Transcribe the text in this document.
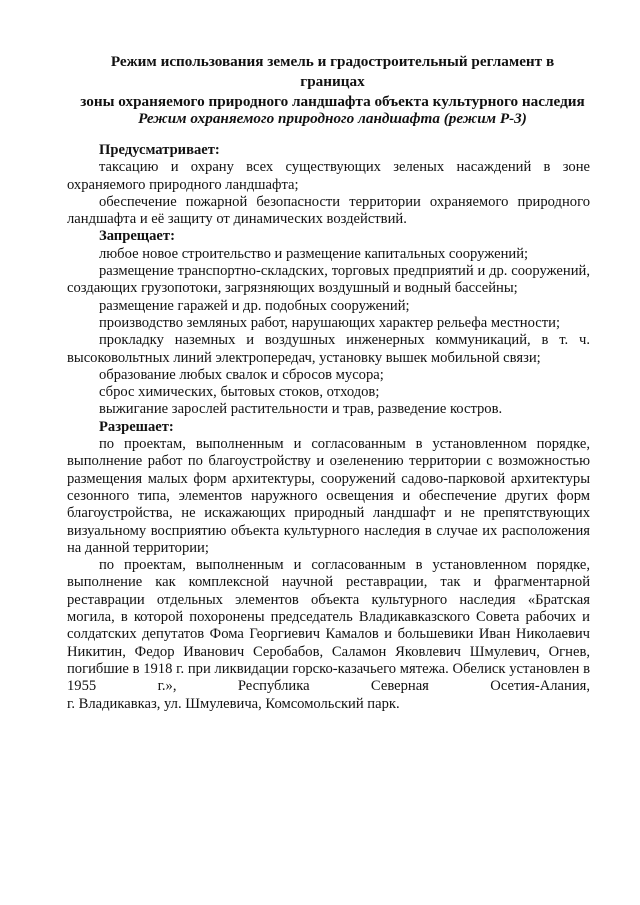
Режим использования земель и градостроительный регламент в границах
зоны охраняемого природного ландшафта объекта культурного наследия
Режим охраняемого природного ландшафта (режим Р-3)

Предусматривает:

таксацию и охрану всех существующих зеленых насаждений в зоне охраняемого природного ландшафта;

обеспечение пожарной безопасности территории охраняемого природного ландшафта и её защиту от динамических воздействий.

Запрещает:

любое новое строительство и размещение капитальных сооружений;

размещение транспортно-складских, торговых предприятий и др. сооружений, создающих грузопотоки, загрязняющих воздушный и водный бассейны;

размещение гаражей и др. подобных сооружений;

производство земляных работ, нарушающих характер рельефа местности;

прокладку наземных и воздушных инженерных коммуникаций, в т. ч. высоковольтных линий электропередач, установку вышек мобильной связи;

образование любых свалок и сбросов мусора;

сброс химических, бытовых стоков, отходов;

выжигание зарослей растительности и трав, разведение костров.

Разрешает:

по проектам, выполненным и согласованным в установленном порядке, выполнение работ по благоустройству и озеленению территории с возможностью размещения малых форм архитектуры, сооружений садово-парковой архитектуры сезонного типа, элементов наружного освещения и обеспечение других форм благоустройства, не искажающих природный ландшафт и не препятствующих визуальному восприятию объекта культурного наследия в случае их расположения на данной территории;

по проектам, выполненным и согласованным в установленном порядке, выполнение как комплексной научной реставрации, так и фрагментарной реставрации отдельных элементов объекта культурного наследия «Братская могила, в которой похоронены председатель Владикавказского Совета рабочих и солдатских депутатов Фома Георгиевич Камалов и большевики Иван Николаевич Никитин, Федор Иванович Серобабов, Саламон Яковлевич Шмулевич, Огнев, погибшие в 1918 г. при ликвидации горско-казачьего мятежа. Обелиск установлен в 1955 г.», Республика Северная Осетия-Алания,

г. Владикавказ, ул. Шмулевича, Комсомольский парк.
